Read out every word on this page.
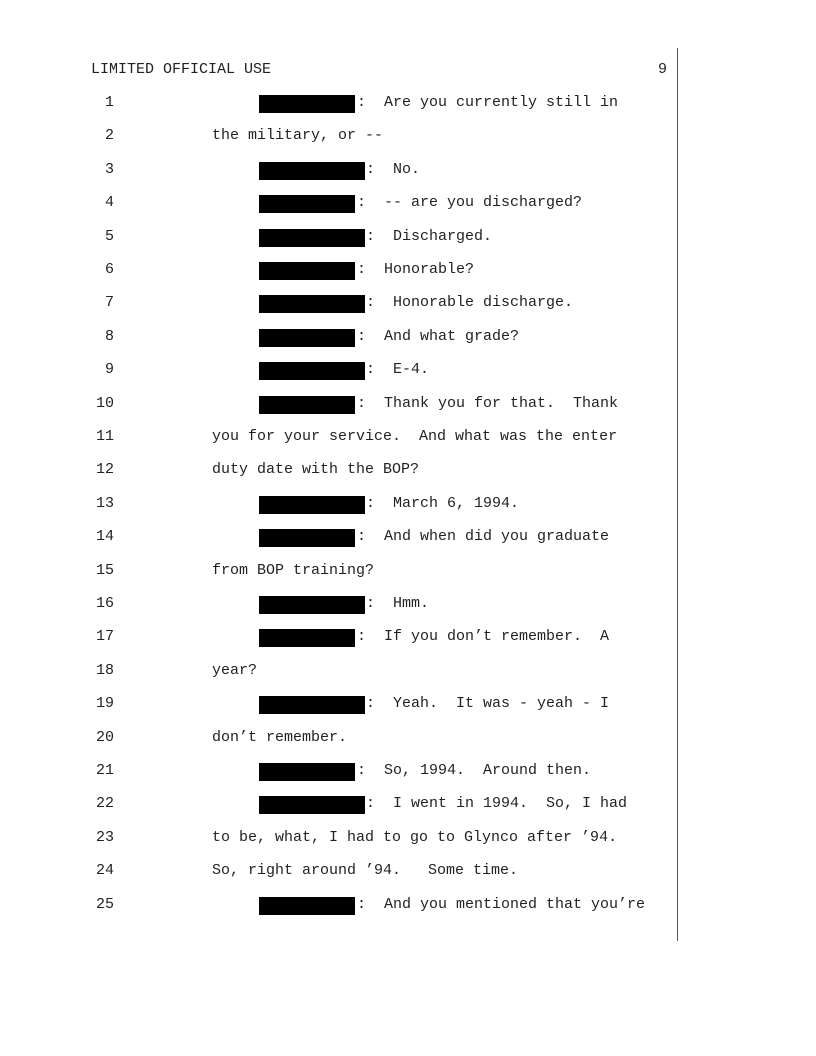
LIMITED OFFICIAL USE	9
1	:  Are you currently still in
2	the military, or --
3	:  No.
4	:  -- are you discharged?
5	:  Discharged.
6	:  Honorable?
7	:  Honorable discharge.
8	:  And what grade?
9	:  E-4.
10	:  Thank you for that.  Thank
11	you for your service.  And what was the enter
12	duty date with the BOP?
13	:  March 6, 1994.
14	:  And when did you graduate
15	from BOP training?
16	:  Hmm.
17	:  If you don’t remember.  A
18	year?
19	:  Yeah.  It was - yeah - I
20	don’t remember.
21	:  So, 1994.  Around then.
22	:  I went in 1994.  So, I had
23	to be, what, I had to go to Glynco after ’94.
24	So, right around ’94.   Some time.
25	:  And you mentioned that you’re
